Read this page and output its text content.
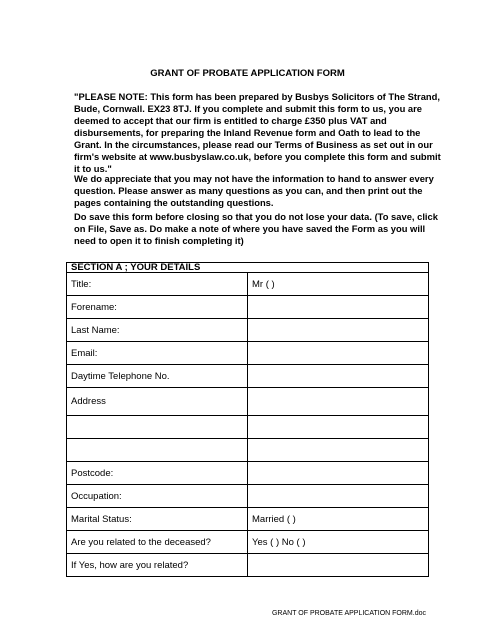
GRANT OF PROBATE APPLICATION FORM
"PLEASE NOTE: This form has been prepared by Busbys Solicitors of The Strand,
Bude, Cornwall. EX23 8TJ. If you complete and submit this form to us, you are
deemed to accept that our firm is entitled to charge £350 plus VAT and
disbursements, for preparing the Inland Revenue form and Oath to lead to the
Grant. In the circumstances, please read our Terms of Business as set out in our
firm's website at www.busbyslaw.co.uk, before you complete this form and submit
it to us."
We do appreciate that you may not have the information to hand to answer every
question. Please answer as many questions as you can, and then print out the
pages containing the outstanding questions.
Do save this form before closing so that you do not lose your data. (To save, click
on File, Save as. Do make a note of where you have saved the Form as you will
need to open it to finish completing it)
SECTION A ; YOUR DETAILS	
Title:	Mr ( )
Forename:	
Last Name:	
Email:	
Daytime Telephone No.	
Address	

Postcode:	
Occupation:	
Marital Status:	Married ( )
Are you related to the deceased?	Yes ( ) No ( )
If Yes, how are you related?	
GRANT OF PROBATE APPLICATION FORM.doc
